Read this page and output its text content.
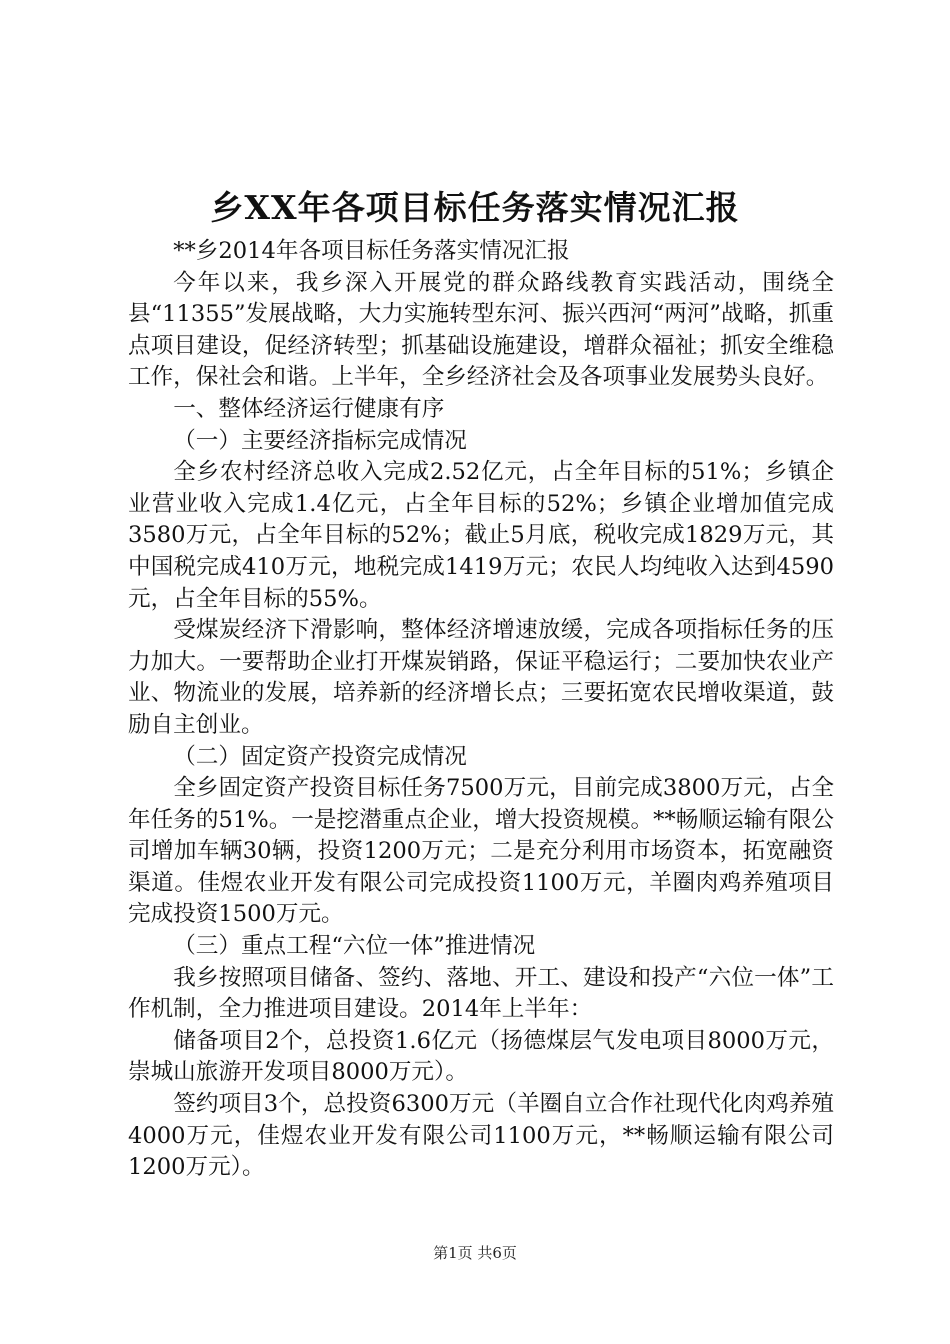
乡XX年各项目标任务落实情况汇报

**乡2014年各项目标任务落实情况汇报

今年以来，我乡深入开展党的群众路线教育实践活动，围绕全县“11355”发展战略，大力实施转型东河、振兴西河“两河”战略，抓重点项目建设，促经济转型；抓基础设施建设，增群众福祉；抓安全维稳工作，保社会和谐。上半年，全乡经济社会及各项事业发展势头良好。

一、整体经济运行健康有序

（一）主要经济指标完成情况

全乡农村经济总收入完成2.52亿元，占全年目标的51%；乡镇企业营业收入完成1.4亿元，占全年目标的52%；乡镇企业增加值完成3580万元，占全年目标的52%；截止5月底，税收完成1829万元，其中国税完成410万元，地税完成1419万元；农民人均纯收入达到4590元，占全年目标的55%。

受煤炭经济下滑影响，整体经济增速放缓，完成各项指标任务的压力加大。一要帮助企业打开煤炭销路，保证平稳运行；二要加快农业产业、物流业的发展，培养新的经济增长点；三要拓宽农民增收渠道，鼓励自主创业。

（二）固定资产投资完成情况

全乡固定资产投资目标任务7500万元，目前完成3800万元，占全年任务的51%。一是挖潜重点企业，增大投资规模。**畅顺运输有限公司增加车辆30辆，投资1200万元；二是充分利用市场资本，拓宽融资渠道。佳煜农业开发有限公司完成投资1100万元，羊圈肉鸡养殖项目完成投资1500万元。

（三）重点工程“六位一体”推进情况

我乡按照项目储备、签约、落地、开工、建设和投产“六位一体”工作机制，全力推进项目建设。2014年上半年：

储备项目2个，总投资1.6亿元（扬德煤层气发电项目8000万元，崇城山旅游开发项目8000万元）。

签约项目3个，总投资6300万元（羊圈自立合作社现代化肉鸡养殖4000万元，佳煜农业开发有限公司1100万元，**畅顺运输有限公司1200万元）。

第1页 共6页
